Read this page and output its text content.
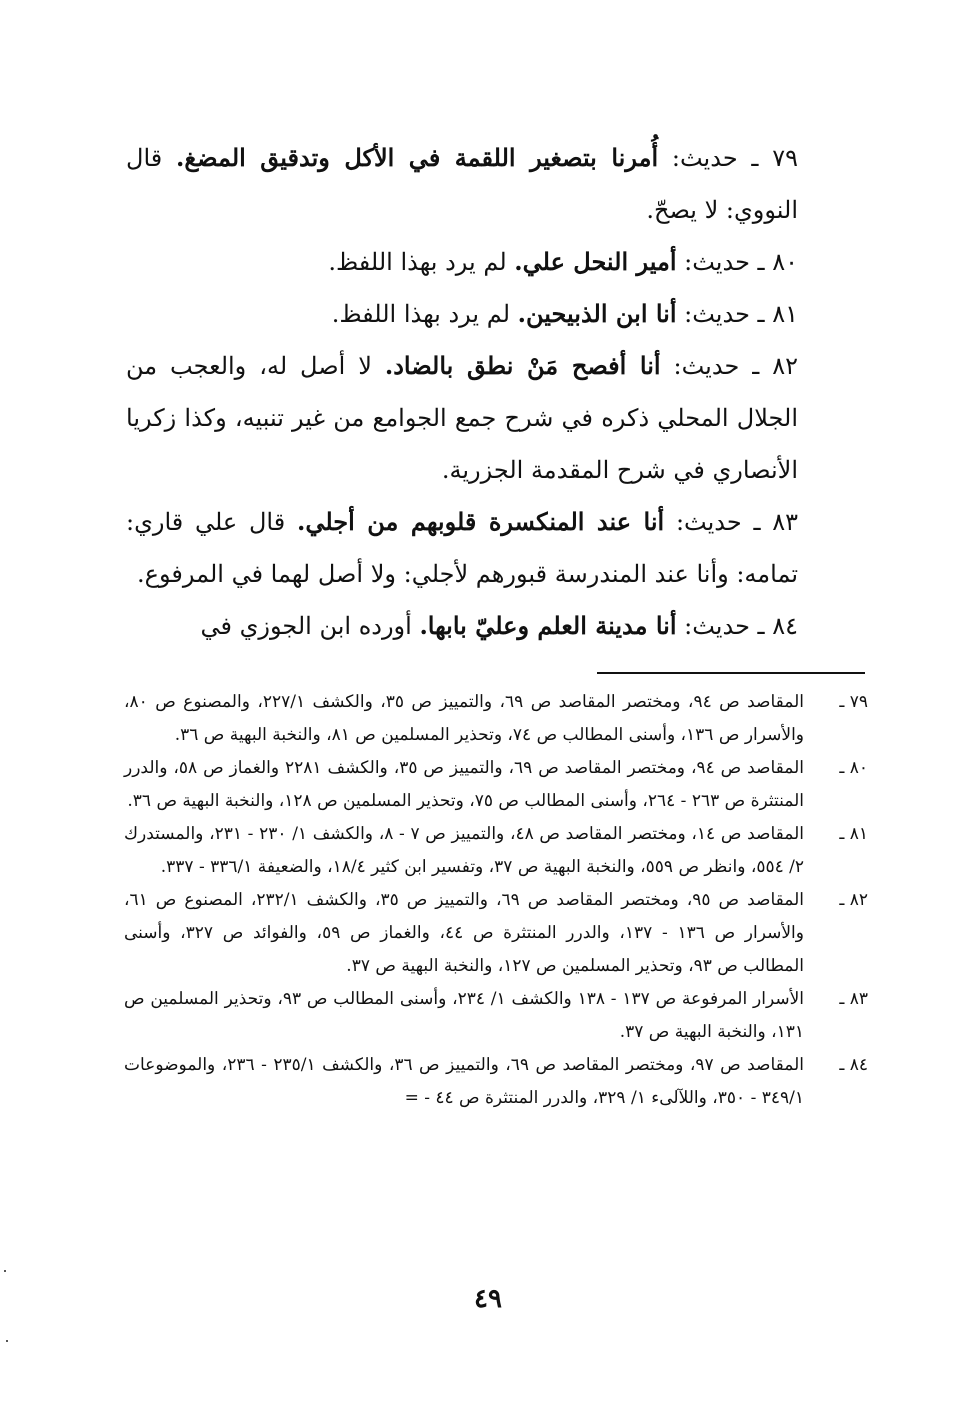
٧٩ ـ حديث: أُمرنا بتصغير اللقمة في الأكل وتدقيق المضغ. قال النووي: لا يصحّ.

٨٠ ـ حديث: أمير النحل علي. لم يرد بهذا اللفظ.

٨١ ـ حديث: أنا ابن الذبيحين. لم يرد بهذا اللفظ.

٨٢ ـ حديث: أنا أفصح مَنْ نطق بالضاد. لا أصل له، والعجب من الجلال المحلي ذكره في شرح جمع الجوامع من غير تنبيه، وكذا زكريا الأنصاري في شرح المقدمة الجزرية.

٨٣ ـ حديث: أنا عند المنكسرة قلوبهم من أجلي. قال علي قاري: تمامه: وأنا عند المندرسة قبورهم لأجلي: ولا أصل لهما في المرفوع.

٨٤ ـ حديث: أنا مدينة العلم وعليّ بابها. أورده ابن الجوزي في

٧٩ ـ
المقاصد ص ٩٤، ومختصر المقاصد ص ٦٩، والتمييز ص ٣٥، والكشف ٢٢٧/١، والمصنوع ص ٨٠، والأسرار ص ١٣٦، وأسنى المطالب ص ٧٤، وتحذير المسلمين ص ٨١، والنخبة البهية ص ٣٦.
٨٠ ـ
المقاصد ص ٩٤، ومختصر المقاصد ص ٦٩، والتمييز ص ٣٥، والكشف ٢٢٨١ والغماز ص ٥٨، والدرر المنتثرة ص ٢٦٣ - ٢٦٤، وأسنى المطالب ص ٧٥، وتحذير المسلمين ص ١٢٨، والنخبة البهية ص ٣٦.
٨١ ـ
المقاصد ص ١٤، ومختصر المقاصد ص ٤٨، والتمييز ص ٧ - ٨، والكشف ١/ ٢٣٠ - ٢٣١، والمستدرك ٢/ ٥٥٤، وانظر ص ٥٥٩، والنخبة البهية ص ٣٧، وتفسير ابن كثير ١٨/٤، والضعيفة ٣٣٦/١ - ٣٣٧.
٨٢ ـ
المقاصد ص ٩٥، ومختصر المقاصد ص ٦٩، والتمييز ص ٣٥، والكشف ٢٣٢/١، المصنوع ص ٦١، والأسرار ص ١٣٦ - ١٣٧، والدرر المنتثرة ص ٤٤، والغماز ص ٥٩، والفوائد ص ٣٢٧، وأسنى المطالب ص ٩٣، وتحذير المسلمين ص ١٢٧، والنخبة البهية ص ٣٧.
٨٣ ـ
الأسرار المرفوعة ص ١٣٧ - ١٣٨ والكشف ١/ ٢٣٤، وأسنى المطالب ص ٩٣، وتحذير المسلمين ص ١٣١، والنخبة البهية ص ٣٧.
٨٤ ـ
المقاصد ص ٩٧، ومختصر المقاصد ص ٦٩، والتمييز ص ٣٦، والكشف ٢٣٥/١ - ٢٣٦، والموضوعات ٣٤٩/١ - ٣٥٠، واللآلىء ١/ ٣٢٩، والدرر المنتثرة ص ٤٤ - =
٤٩
